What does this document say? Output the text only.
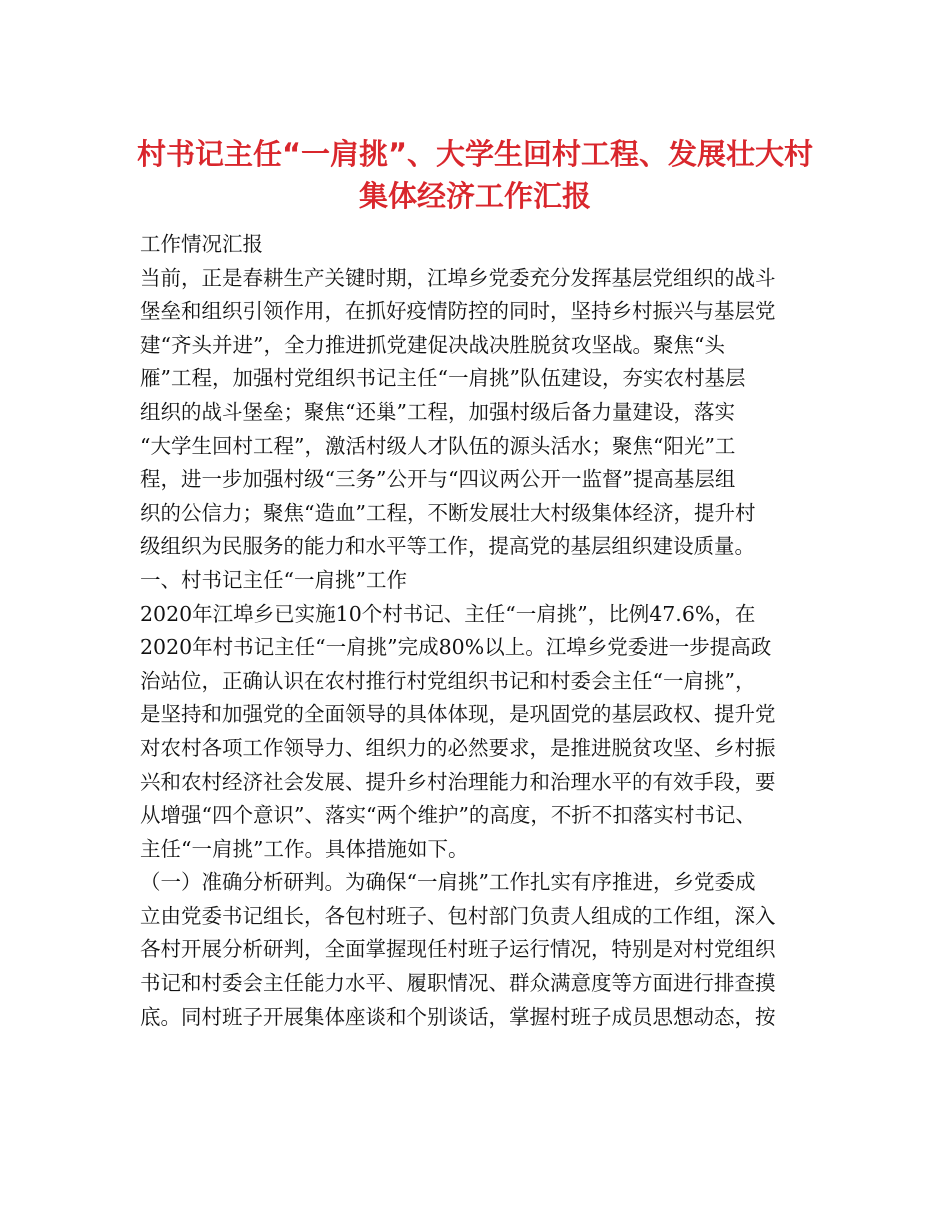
村书记主任“一肩挑”、大学生回村工程、发展壮大村
集体经济工作汇报
工作情况汇报
当前，正是春耕生产关键时期，江埠乡党委充分发挥基层党组织的战斗
堡垒和组织引领作用，在抓好疫情防控的同时，坚持乡村振兴与基层党
建“齐头并进”，全力推进抓党建促决战决胜脱贫攻坚战。聚焦“头
雁”工程，加强村党组织书记主任“一肩挑”队伍建设，夯实农村基层
组织的战斗堡垒；聚焦“还巢”工程，加强村级后备力量建设，落实
“大学生回村工程”，激活村级人才队伍的源头活水；聚焦“阳光”工
程，进一步加强村级“三务”公开与“四议两公开一监督”提高基层组
织的公信力；聚焦“造血”工程，不断发展壮大村级集体经济，提升村
级组织为民服务的能力和水平等工作，提高党的基层组织建设质量。
一、村书记主任“一肩挑”工作
2020年江埠乡已实施10个村书记、主任“一肩挑”，比例47.6%，在
2020年村书记主任“一肩挑”完成80%以上。江埠乡党委进一步提高政
治站位，正确认识在农村推行村党组织书记和村委会主任“一肩挑”，
是坚持和加强党的全面领导的具体体现，是巩固党的基层政权、提升党
对农村各项工作领导力、组织力的必然要求，是推进脱贫攻坚、乡村振
兴和农村经济社会发展、提升乡村治理能力和治理水平的有效手段，要
从增强“四个意识”、落实“两个维护”的高度，不折不扣落实村书记、
主任“一肩挑”工作。具体措施如下。
（一）准确分析研判。为确保“一肩挑”工作扎实有序推进，乡党委成
立由党委书记组长，各包村班子、包村部门负责人组成的工作组，深入
各村开展分析研判，全面掌握现任村班子运行情况，特别是对村党组织
书记和村委会主任能力水平、履职情况、群众满意度等方面进行排查摸
底。同村班子开展集体座谈和个别谈话，掌握村班子成员思想动态，按
